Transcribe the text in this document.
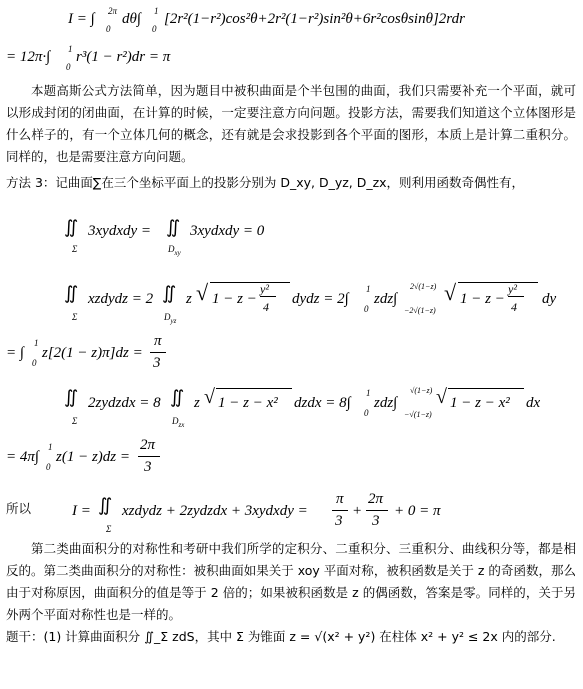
I = ∫ 2π
0
dθ∫ 1
0
[2r²(1−r²)cos²θ+2r²(1−r²)sin²θ+6r²cosθsinθ]2rdr
= 12π·∫ 1
0
r³(1 − r²)dr = π
本题高斯公式方法简单，因为题目中被积曲面是个半包围的曲面，我们只需要补充一个平面，就可以形成封闭的闭曲面，在计算的时候，一定要注意方向问题。投影方法，需要我们知道这个立体图形是什么样子的，有一个立体几何的概念，还有就是会求投影到各个平面的图形，本质上是计算二重积分。同样的，也是需要注意方向问题。
方法 3：记曲面∑在三个坐标平面上的投影分别为 D_xy, D_yz, D_zx，则利用函数奇偶性有，
∬
Σ
3xydxdy = ∬
$D_{xy}$
3xydxdy = 0
∬
Σ
xzdydz = 2 ∬
$D_{yz}$
z √ 1 − z −
y²
4 dydz = 2∫
1
0
zdz∫
2√(1−z)
−2√(1−z)
√ 1 − z −
y²
4 dy
= ∫
1
0
z[2(1 − z)π]dz =
π
3
∬
Σ
2zydzdx = 8 ∬
$D_{zx}$
z √ 1 − z − x² dzdx = 8∫
1
0
zdz∫
√(1−z)
−√(1−z)
√ 1 − z − x² dx
= 4π∫
1
0
z(1 − z)dz =
2π
3
所以	I = ∬
Σ
xzdydz + 2zydzdx + 3xydxdy =
π
3
+
2π
3
+ 0 = π
第二类曲面积分的对称性和考研中我们所学的定积分、二重积分、三重积分、曲线积分等，都是相反的。第二类曲面积分的对称性：被积曲面如果关于 xoy 平面对称，被积函数是关于 z 的奇函数，那么由于对称原因，曲面积分的值是等于 2 倍的；如果被积函数是 z 的偶函数，答案是零。同样的，关于另外两个平面对称性也是一样的。
题干：(1) 计算曲面积分 ∬_Σ zdS，其中 Σ 为锥面 z = √(x² + y²) 在柱体 x² + y² ≤ 2x 内的部分.
